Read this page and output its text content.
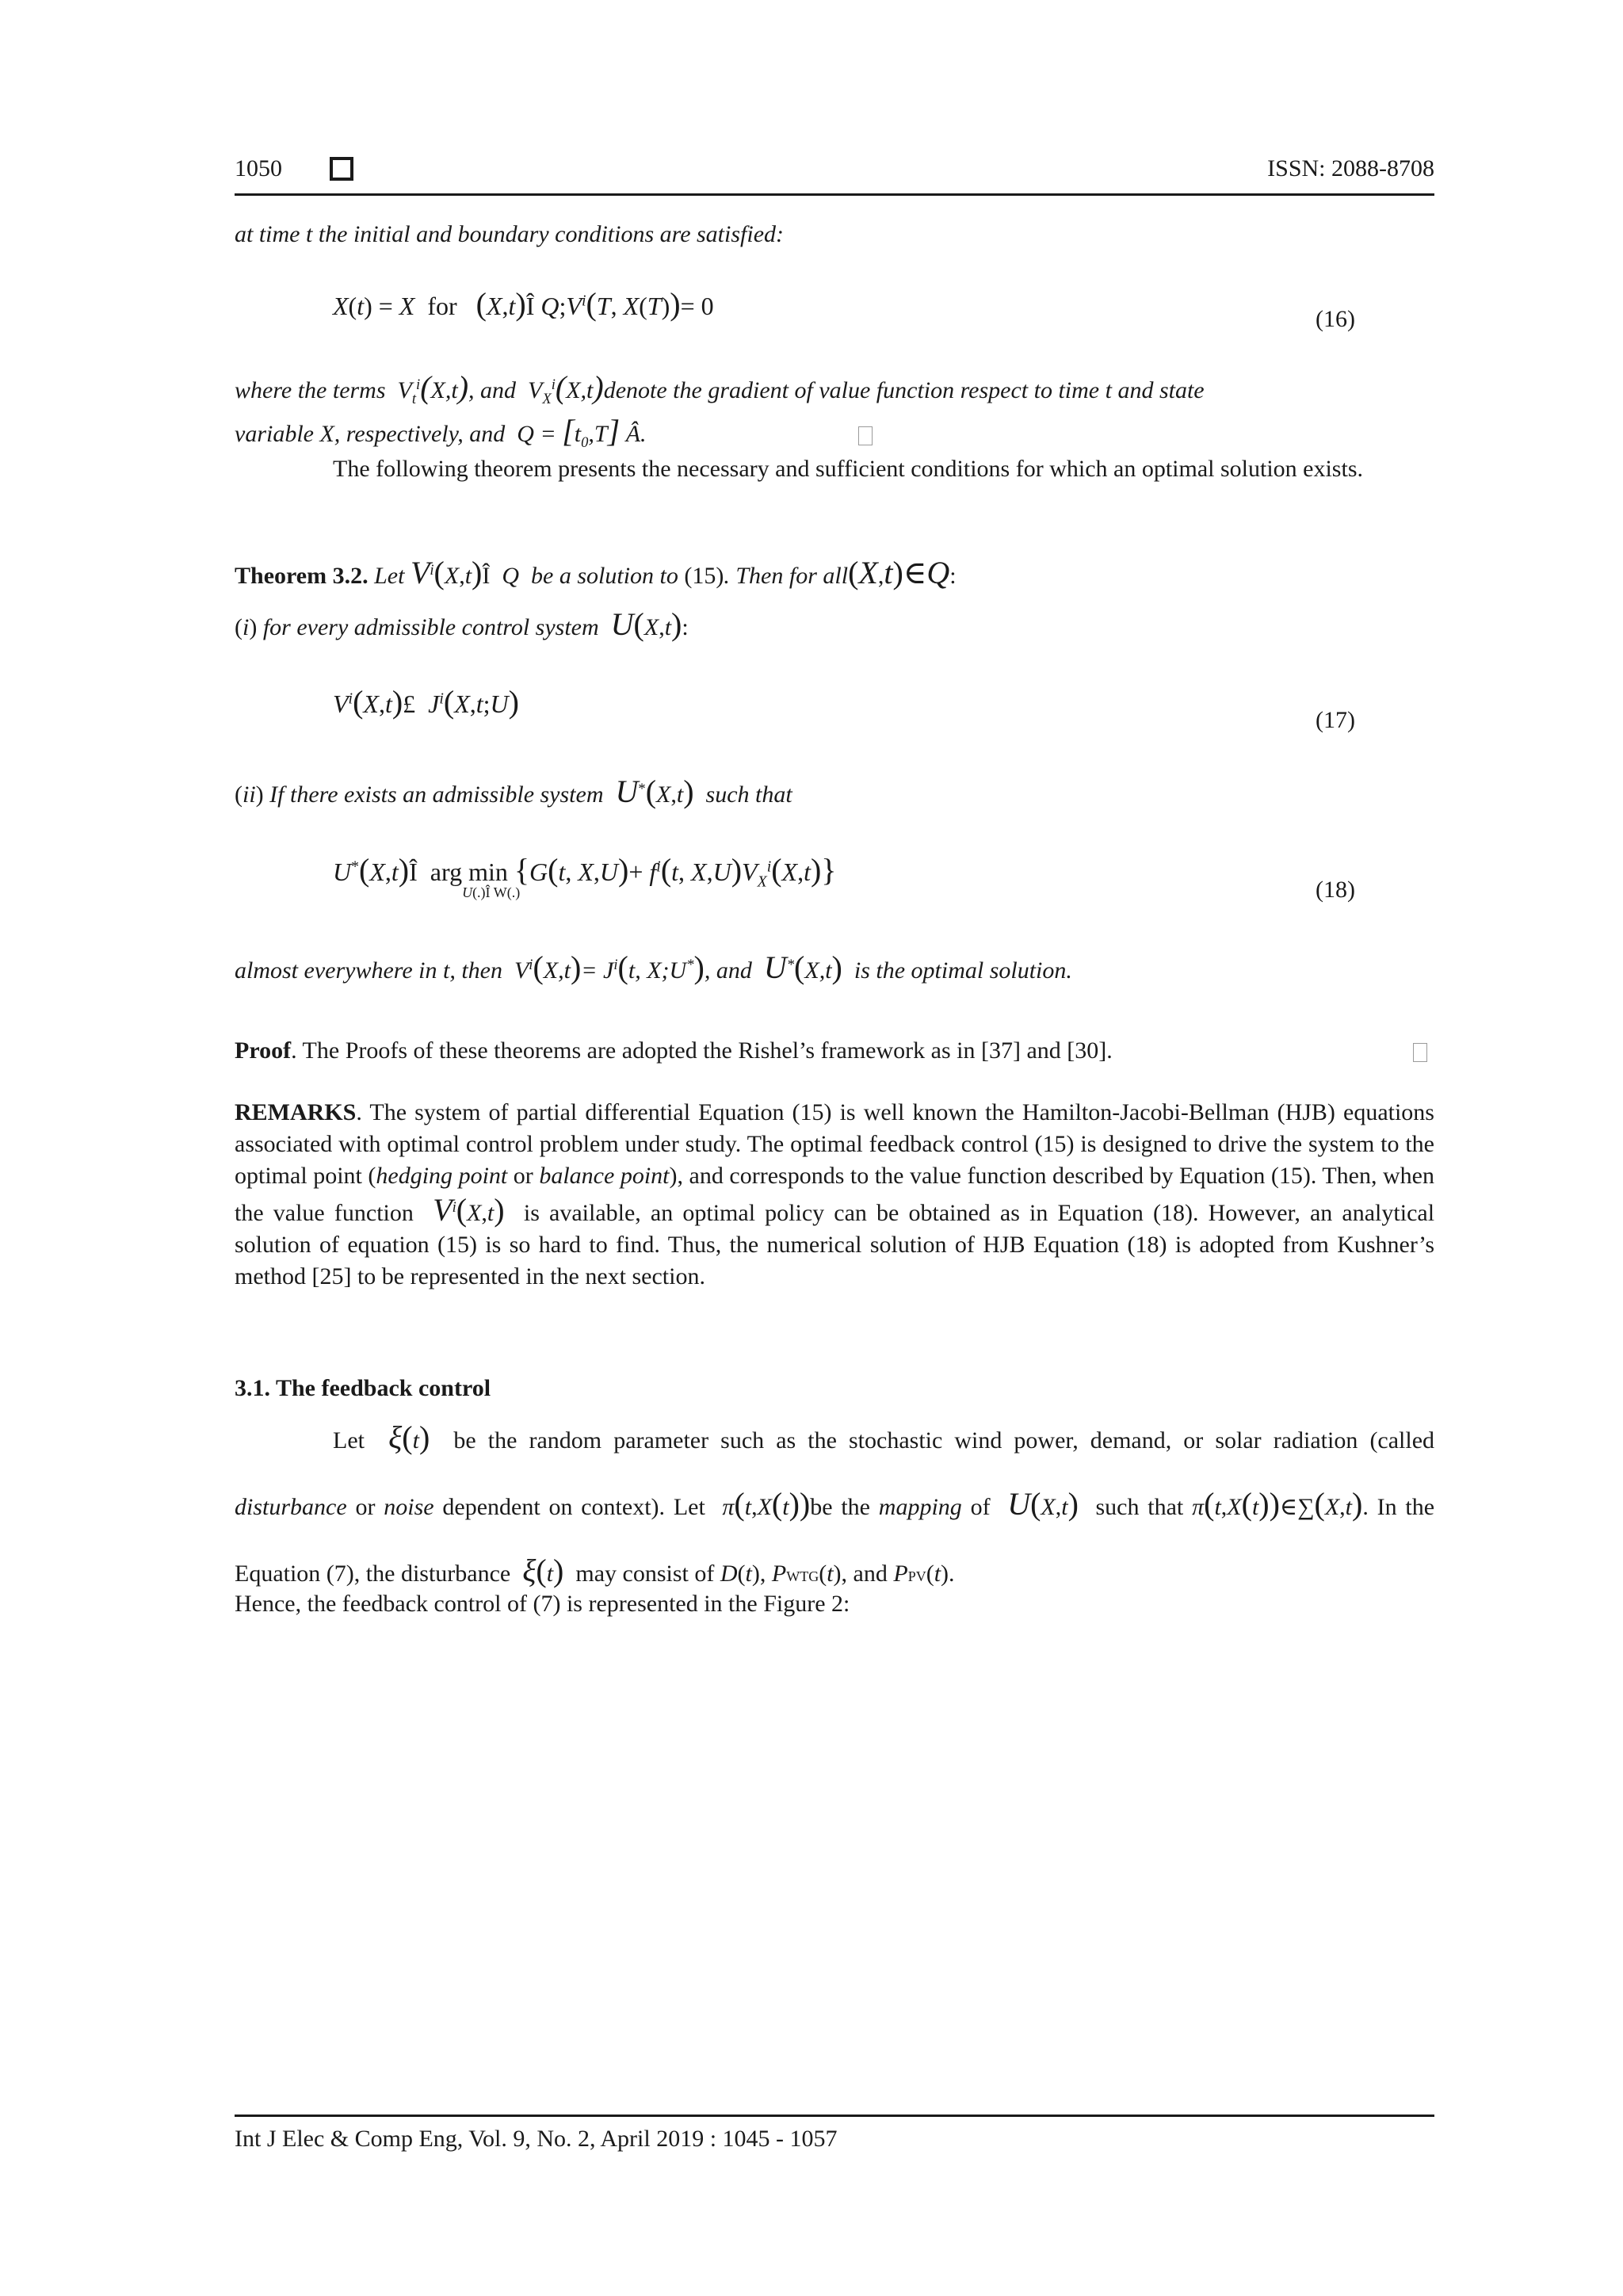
1050	ISSN: 2088-8708
at time t the initial and boundary conditions are satisfied:
X(t) = X for (X,t)Î $Q;V^i(T$, X(T))= 0	(16)
where the terms $V_t^i(X,t)$, and $V_X^i(X,t)denote$ the gradient of value function respect to time t and state
variable X, respectively, and $Q = [t_0,T]$ Â.
The following theorem presents the necessary and sufficient conditions for which an optimal solution exists.
Theorem 3.2. Let $V^i(X,t)Î$  Q be a solution to (15). Then for all(X,t)∈Q:
(i) for every admissible control system U(X,t):
$V^i(X,t)£$  $J^i(X,t;U)$
(17)
(ii) If there exists an admissible system U*(X,t) such that
U*(X,t)Î  arg min
U(.)Î W(.)
{G(t, $X,U)+ f^i(t$, $X,U)V_X^i(X,t)$}
(18)
almost everywhere in t, then $V^i(X,t)= J^i(t$, X;U*), and U*(X,t) is the optimal solution.
Proof. The Proofs of these theorems are adopted the Rishel’s framework as in [37] and [30].
REMARKS. The system of partial differential Equation (15) is well known the Hamilton-Jacobi-Bellman (HJB) equations associated with optimal control problem under study. The optimal feedback control (15) is designed to drive the system to the optimal point (hedging point or balance point), and corresponds to the value function described by Equation (15). Then, when the value function $V^i(X,t)$ is available, an optimal policy can be obtained as in Equation (18). However, an analytical solution of equation (15) is so hard to find. Thus, the numerical solution of HJB Equation (18) is adopted from Kushner’s method [25] to be represented in the next section.
3.1. The feedback control
Let ξ(t) be the random parameter such as the stochastic wind power, demand, or solar radiation (called disturbance or noise dependent on context). Let π(t,X(t))be the mapping of U(X,t) such that π(t,X(t))∈∑(X,t). In the Equation (7), the disturbance ξ(t) may consist of D(t), PWTG(t), and PPV(t).
Hence, the feedback control of (7) is represented in the Figure 2:
Int J Elec & Comp Eng, Vol. 9, No. 2, April 2019 : 1045 - 1057
